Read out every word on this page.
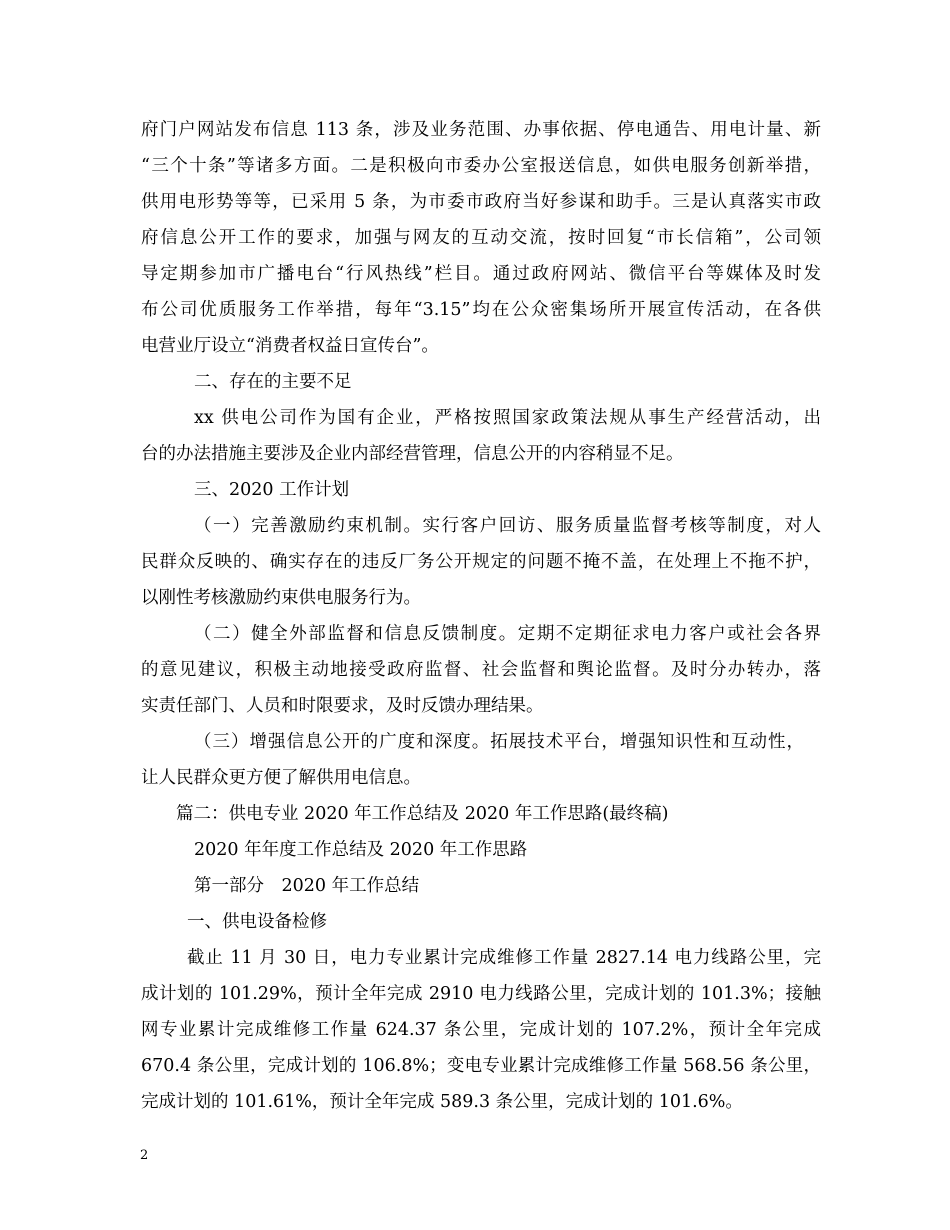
府门户网站发布信息 113 条，涉及业务范围、办事依据、停电通告、用电计量、新
“三个十条”等诸多方面。二是积极向市委办公室报送信息，如供电服务创新举措，
供用电形势等等，已采用 5 条，为市委市政府当好参谋和助手。三是认真落实市政
府信息公开工作的要求，加强与网友的互动交流，按时回复“市长信箱”，公司领
导定期参加市广播电台“行风热线”栏目。通过政府网站、微信平台等媒体及时发
布公司优质服务工作举措，每年“3.15”均在公众密集场所开展宣传活动，在各供
电营业厅设立“消费者权益日宣传台”。
二、存在的主要不足
xx 供电公司作为国有企业，严格按照国家政策法规从事生产经营活动，出
台的办法措施主要涉及企业内部经营管理，信息公开的内容稍显不足。
三、2020 工作计划
（一）完善激励约束机制。实行客户回访、服务质量监督考核等制度，对人
民群众反映的、确实存在的违反厂务公开规定的问题不掩不盖，在处理上不拖不护，
以刚性考核激励约束供电服务行为。
（二）健全外部监督和信息反馈制度。定期不定期征求电力客户或社会各界
的意见建议，积极主动地接受政府监督、社会监督和舆论监督。及时分办转办，落
实责任部门、人员和时限要求，及时反馈办理结果。
（三）增强信息公开的广度和深度。拓展技术平台，增强知识性和互动性，
让人民群众更方便了解供用电信息。
篇二：供电专业 2020 年工作总结及 2020 年工作思路(最终稿)
2020 年年度工作总结及 2020 年工作思路
第一部分　2020 年工作总结
一、供电设备检修
截止 11 月 30 日，电力专业累计完成维修工作量 2827.14 电力线路公里，完
成计划的 101.29%，预计全年完成 2910 电力线路公里，完成计划的 101.3%；接触
网专业累计完成维修工作量 624.37 条公里，完成计划的 107.2%，预计全年完成
670.4 条公里，完成计划的 106.8%；变电专业累计完成维修工作量 568.56 条公里，
完成计划的 101.61%，预计全年完成 589.3 条公里，完成计划的 101.6%。
2
